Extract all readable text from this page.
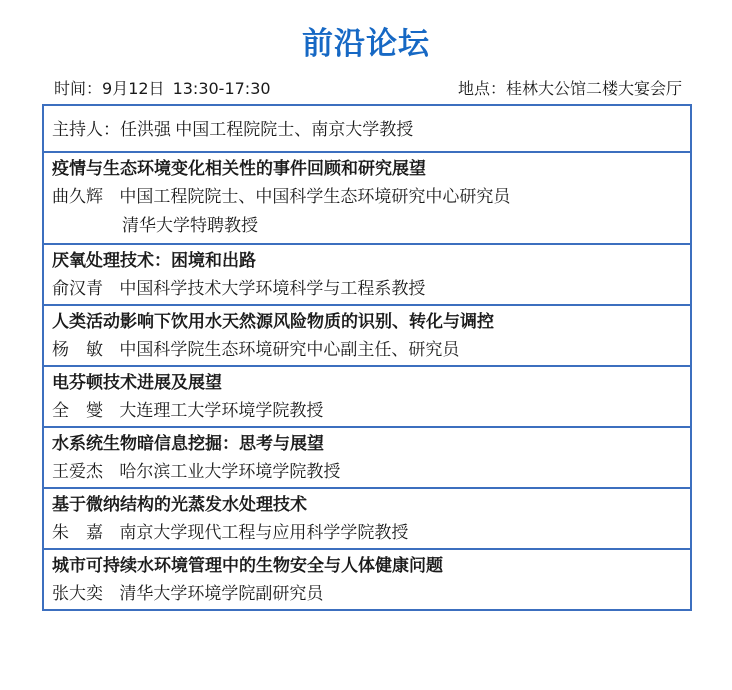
前沿论坛
时间：9月12日 13:30-17:30	地点：桂林大公馆二楼大宴会厅
主持人：任洪强  中国工程院院士、南京大学教授
疫情与生态环境变化相关性的事件回顾和研究展望
曲久辉 中国工程院院士、中国科学生态环境研究中心研究员
清华大学特聘教授
厌氧处理技术：困境和出路
俞汉青 中国科学技术大学环境科学与工程系教授
人类活动影响下饮用水天然源风险物质的识别、转化与调控
杨　敏 中国科学院生态环境研究中心副主任、研究员
电芬顿技术进展及展望
全　燮 大连理工大学环境学院教授
水系统生物暗信息挖掘：思考与展望
王爱杰 哈尔滨工业大学环境学院教授
基于微纳结构的光蒸发水处理技术
朱　嘉 南京大学现代工程与应用科学学院教授
城市可持续水环境管理中的生物安全与人体健康问题
张大奕 清华大学环境学院副研究员
